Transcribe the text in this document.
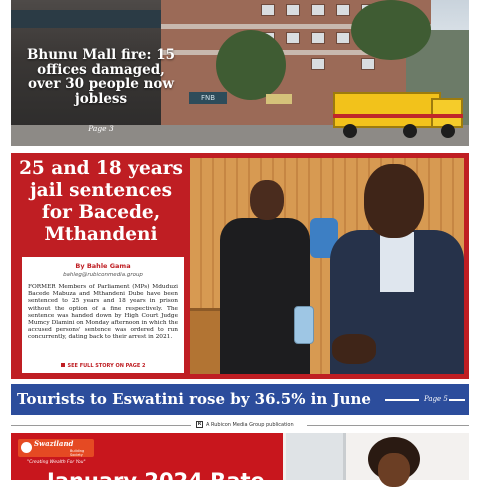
FNB
Bhunu Mall fire: 15 offices damaged, over 30 people now jobless
Page 3
25 and 18 years jail sentences for Bacede, Mthandeni
By Bahle Gama
bahleg@rubiconmedia.group

FORMER Members of Parliament (MPs) Mduduzi Bacede Mabuza and Mthandeni Dube have been sentenced to 25 years and 18 years in prison without the option of a fine respectively. The sentence was handed down by High Court Judge Mumcy Dlamini on Monday afternoon in which the accused persons' sentence was ordered to run concurrently, dating back to their arrest in 2021.

SEE FULL STORY ON PAGE 2
Tourists to Eswatini rose by 36.5% in June	Page 5
R A Rubicon Media Group publication
Swaziland
Building Society
"Creating Wealth For You"
January 2024 Rate
